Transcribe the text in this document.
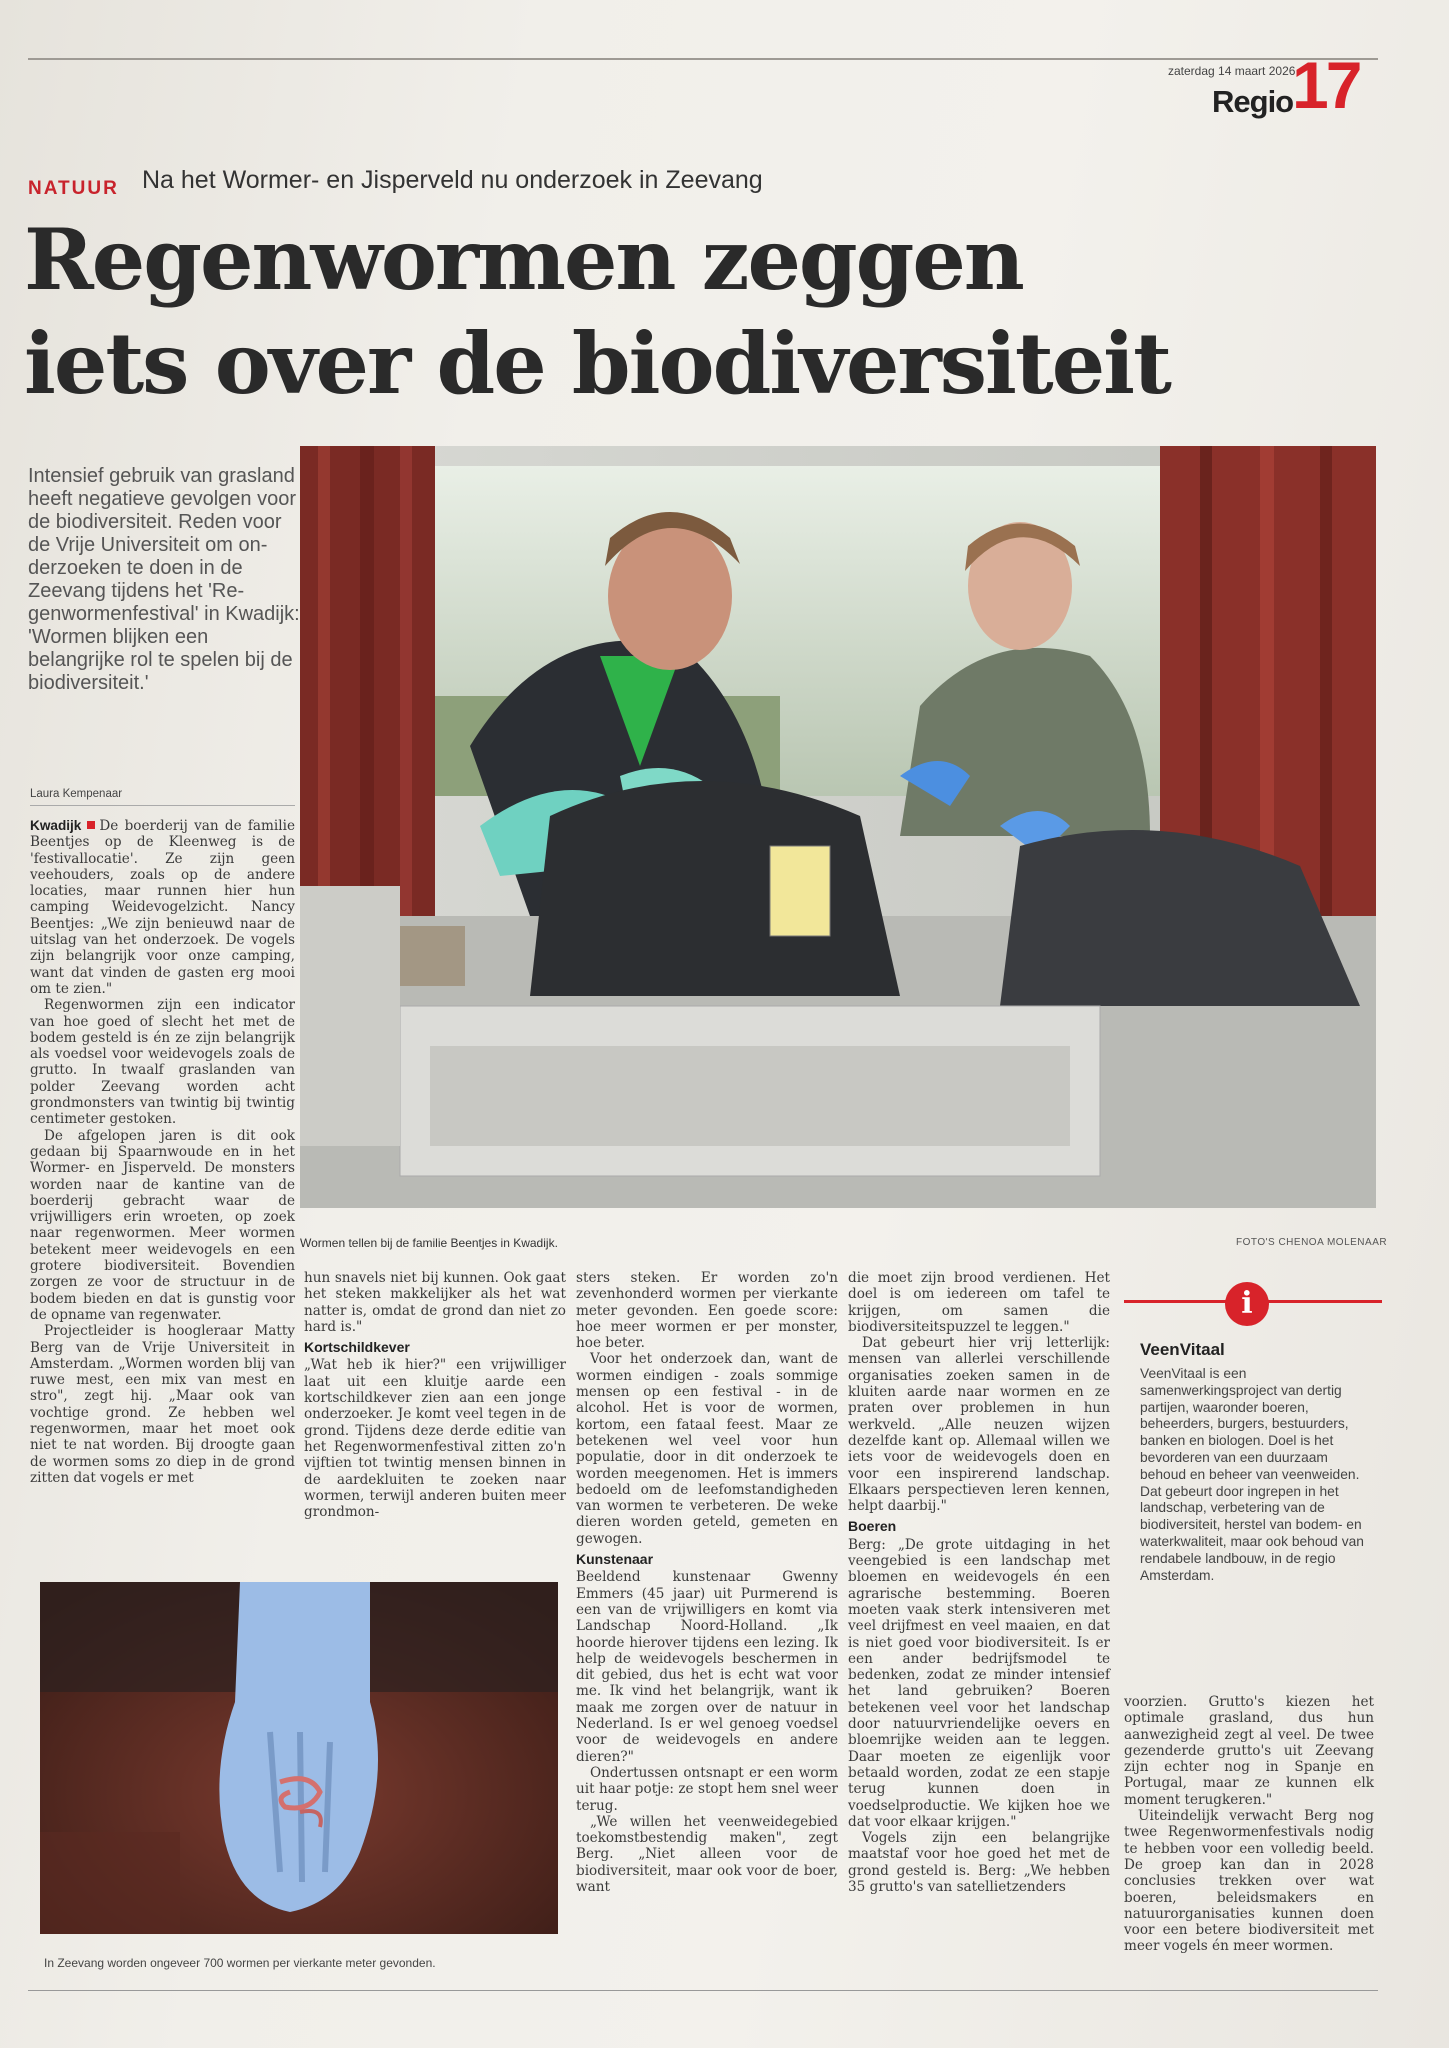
zaterdag 14 maart 2026
Regio
17
NATUUR Na het Wormer- en Jisperveld nu onderzoek in Zeevang
Regenwormen zeggen
iets over de biodiversiteit
Intensief gebruik van grasland heeft negatieve gevolgen voor de biodiversiteit. Reden voor de Vrije Universiteit om onderzoeken te doen in de Zeevang tijdens het 'Regenwormenfestival' in Kwadijk: 'Wormen blijken een belangrijke rol te spelen bij de biodiversiteit.'
Laura Kempenaar

Kwadijk De boerderij van de familie Beentjes op de Kleenweg is de 'festivallocatie'. Ze zijn geen veehouders, zoals op de andere locaties, maar runnen hier hun camping Weidevogelzicht. Nancy Beentjes: „We zijn benieuwd naar de uitslag van het onderzoek. De vogels zijn belangrijk voor onze camping, want dat vinden de gasten erg mooi om te zien."

Regenwormen zijn een indicator van hoe goed of slecht het met de bodem gesteld is én ze zijn belangrijk als voedsel voor weidevogels zoals de grutto. In twaalf graslanden van polder Zeevang worden acht grondmonsters van twintig bij twintig centimeter gestoken.

De afgelopen jaren is dit ook gedaan bij Spaarnwoude en in het Wormer- en Jisperveld. De monsters worden naar de kantine van de boerderij gebracht waar de vrijwilligers erin wroeten, op zoek naar regenwormen. Meer wormen betekent meer weidevogels en een grotere biodiversiteit. Bovendien zorgen ze voor de structuur in de bodem bieden en dat is gunstig voor de opname van regenwater.

Projectleider is hoogleraar Matty Berg van de Vrije Universiteit in Amsterdam. „Wormen worden blij van ruwe mest, een mix van mest en stro", zegt hij. „Maar ook van vochtige grond. Ze hebben wel regenwormen, maar het moet ook niet te nat worden. Bij droogte gaan de wormen soms zo diep in de grond zitten dat vogels er met

Wormen tellen bij de familie Beentjes in Kwadijk.	FOTO'S CHENOA MOLENAAR

hun snavels niet bij kunnen. Ook gaat het steken makkelijker als het wat natter is, omdat de grond dan niet zo hard is."

Kortschildkever

„Wat heb ik hier?" een vrijwilliger laat uit een kluitje aarde een kortschildkever zien aan een jonge onderzoeker. Je komt veel tegen in de grond. Tijdens deze derde editie van het Regenwormenfestival zitten zo'n vijftien tot twintig mensen binnen in de aardekluiten te zoeken naar wormen, terwijl anderen buiten meer grondmon-

sters steken. Er worden zo'n zevenhonderd wormen per vierkante meter gevonden. Een goede score: hoe meer wormen er per monster, hoe beter.

Voor het onderzoek dan, want de wormen eindigen - zoals sommige mensen op een festival - in de alcohol. Het is voor de wormen, kortom, een fataal feest. Maar ze betekenen wel veel voor hun populatie, door in dit onderzoek te worden meegenomen. Het is immers bedoeld om de leefomstandigheden van wormen te verbeteren. De weke dieren worden geteld, gemeten en gewogen.

Kunstenaar

Beeldend kunstenaar Gwenny Emmers (45 jaar) uit Purmerend is een van de vrijwilligers en komt via Landschap Noord-Holland. „Ik hoorde hierover tijdens een lezing. Ik help de weidevogels beschermen in dit gebied, dus het is echt wat voor me. Ik vind het belangrijk, want ik maak me zorgen over de natuur in Nederland. Is er wel genoeg voedsel voor de weidevogels en andere dieren?"

Ondertussen ontsnapt er een worm uit haar potje: ze stopt hem snel weer terug.

„We willen het veenweidegebied toekomstbestendig maken", zegt Berg. „Niet alleen voor de biodiversiteit, maar ook voor de boer, want

die moet zijn brood verdienen. Het doel is om iedereen om tafel te krijgen, om samen die biodiversiteitspuzzel te leggen."

Dat gebeurt hier vrij letterlijk: mensen van allerlei verschillende organisaties zoeken samen in de kluiten aarde naar wormen en ze praten over problemen in hun werkveld. „Alle neuzen wijzen dezelfde kant op. Allemaal willen we iets voor de weidevogels doen en voor een inspirerend landschap. Elkaars perspectieven leren kennen, helpt daarbij."

Boeren

Berg: „De grote uitdaging in het veengebied is een landschap met bloemen en weidevogels én een agrarische bestemming. Boeren moeten vaak sterk intensiveren met veel drijfmest en veel maaien, en dat is niet goed voor biodiversiteit. Is er een ander bedrijfsmodel te bedenken, zodat ze minder intensief het land gebruiken? Boeren betekenen veel voor het landschap door natuurvriendelijke oevers en bloemrijke weiden aan te leggen. Daar moeten ze eigenlijk voor betaald worden, zodat ze een stapje terug kunnen doen in voedselproductie. We kijken hoe we dat voor elkaar krijgen."

Vogels zijn een belangrijke maatstaf voor hoe goed het met de grond gesteld is. Berg: „We hebben 35 grutto's van satellietzenders

i
VeenVitaal
VeenVitaal is een samenwerkingsproject van dertig partijen, waaronder boeren, beheerders, burgers, bestuurders, banken en biologen. Doel is het bevorderen van een duurzaam behoud en beheer van veenweiden. Dat gebeurt door ingrepen in het landschap, verbetering van de biodiversiteit, herstel van bodem- en waterkwaliteit, maar ook behoud van rendabele landbouw, in de regio Amsterdam.

voorzien. Grutto's kiezen het optimale grasland, dus hun aanwezigheid zegt al veel. De twee gezenderde grutto's uit Zeevang zijn echter nog in Spanje en Portugal, maar ze kunnen elk moment terugkeren."

Uiteindelijk verwacht Berg nog twee Regenwormenfestivals nodig te hebben voor een volledig beeld. De groep kan dan in 2028 conclusies trekken over wat boeren, beleidsmakers en natuurorganisaties kunnen doen voor een betere biodiversiteit met meer vogels én meer wormen.

In Zeevang worden ongeveer 700 wormen per vierkante meter gevonden.
